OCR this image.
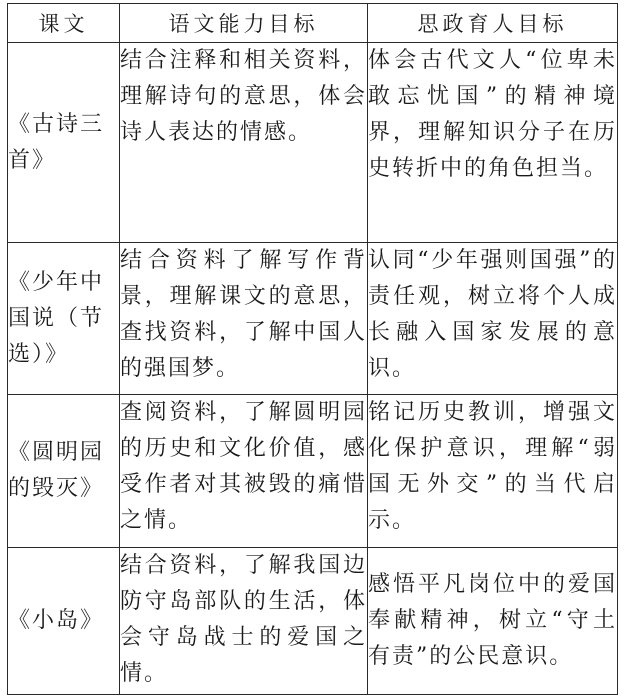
课文	语文能力目标	思政育人目标
《古诗三首》	结合注释和相关资料，理解诗句的意思，体会诗人表达的情感。	体会古代文人“位卑未敢忘忧国”的精神境界，理解知识分子在历史转折中的角色担当。
《少年中国说（节选）》	结合资料了解写作背景，理解课文的意思，查找资料，了解中国人的强国梦。	认同“少年强则国强”的责任观，树立将个人成长融入国家发展的意识。
《圆明园的毁灭》	查阅资料，了解圆明园的历史和文化价值，感受作者对其被毁的痛惜之情。	铭记历史教训，增强文化保护意识，理解“弱国无外交”的当代启示。
《小岛》	结合资料，了解我国边防守岛部队的生活，体会守岛战士的爱国之情。	感悟平凡岗位中的爱国奉献精神，树立“守土有责”的公民意识。
